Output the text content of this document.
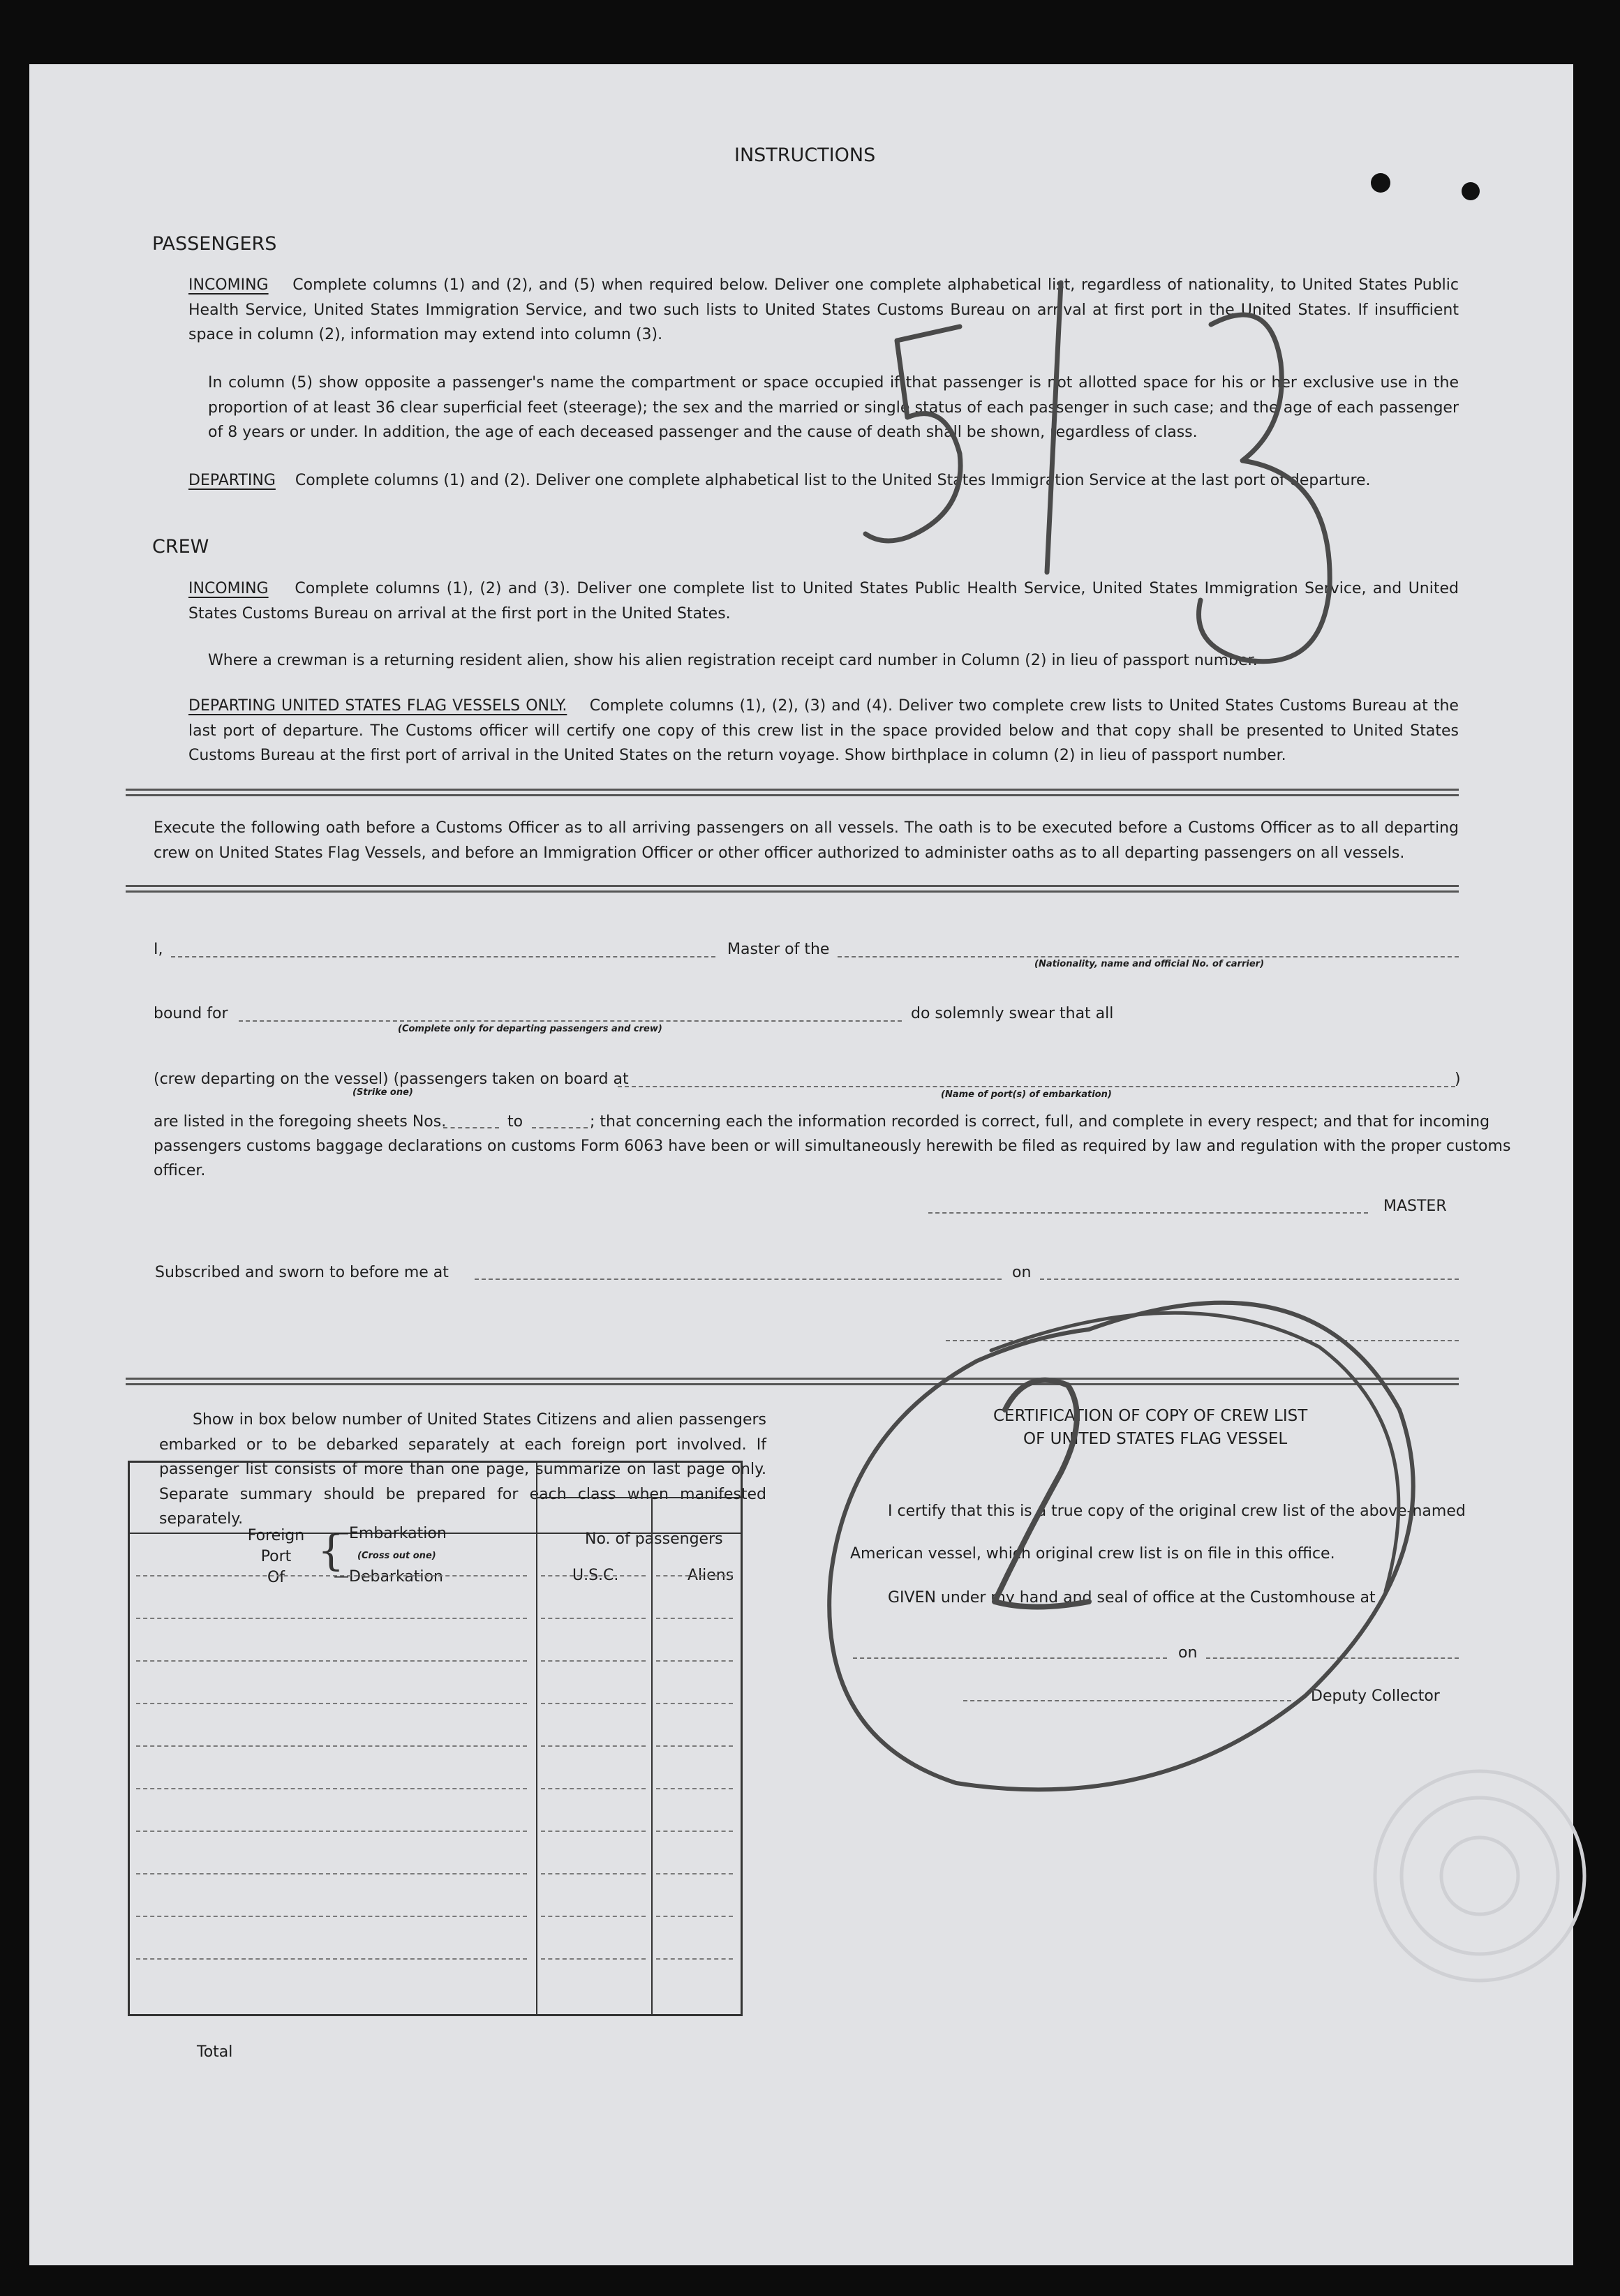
INSTRUCTIONS
PASSENGERS
INCOMING Complete columns (1) and (2), and (5) when required below. Deliver one complete alphabetical list, regardless of nationality, to United States Public Health Service, United States Immigration Service, and two such lists to United States Customs Bureau on arrival at first port in the United States. If insufficient space in column (2), information may extend into column (3).
In column (5) show opposite a passenger's name the compartment or space occupied if that passenger is not allotted space for his or her exclusive use in the proportion of at least 36 clear superficial feet (steerage); the sex and the married or single status of each passenger in such case; and the age of each passenger of 8 years or under. In addition, the age of each deceased passenger and the cause of death shall be shown, regardless of class.
DEPARTING Complete columns (1) and (2). Deliver one complete alphabetical list to the United States Immigration Service at the last port of departure.
CREW
INCOMING Complete columns (1), (2) and (3). Deliver one complete list to United States Public Health Service, United States Immigration Service, and United States Customs Bureau on arrival at the first port in the United States.
Where a crewman is a returning resident alien, show his alien registration receipt card number in Column (2) in lieu of passport number.
DEPARTING UNITED STATES FLAG VESSELS ONLY. Complete columns (1), (2), (3) and (4). Deliver two complete crew lists to United States Customs Bureau at the last port of departure. The Customs officer will certify one copy of this crew list in the space provided below and that copy shall be presented to United States Customs Bureau at the first port of arrival in the United States on the return voyage. Show birthplace in column (2) in lieu of passport number.
Execute the following oath before a Customs Officer as to all arriving passengers on all vessels. The oath is to be executed before a Customs Officer as to all departing crew on United States Flag Vessels, and before an Immigration Officer or other officer authorized to administer oaths as to all departing passengers on all vessels.
I,	Master of the
(Nationality, name and official No. of carrier)
bound for
(Complete only for departing passengers and crew)
do solemnly swear that all
(crew departing on the vessel) (passengers taken on board at
(Strike one)	(Name of port(s) of embarkation)
)
are listed in the foregoing sheets Nos.	to	; that concerning each the information recorded is correct, full, and complete in every respect; and that for incoming
passengers customs baggage declarations on customs Form 6063 have been or will simultaneously herewith be filed as required by law and regulation with the proper customs
officer.
MASTER
Subscribed and sworn to before me at	on
Show in box below number of United States Citizens and alien passengers embarked or to be debarked separately at each foreign port involved. If passenger list consists of more than one page, summarize on last page only. Separate summary should be prepared for each class when manifested separately.
Foreign
Port
Of
{
—Embarkation
(Cross out one)
—Debarkation
No. of passengers
U.S.C.	Aliens
Total
CERTIFICATION OF COPY OF CREW LIST
OF UNITED STATES FLAG VESSEL
I certify that this is a true copy of the original crew list of the above-named
American vessel, which original crew list is on file in this office.
GIVEN under my hand and seal of office at the Customhouse at
on
Deputy Collector
